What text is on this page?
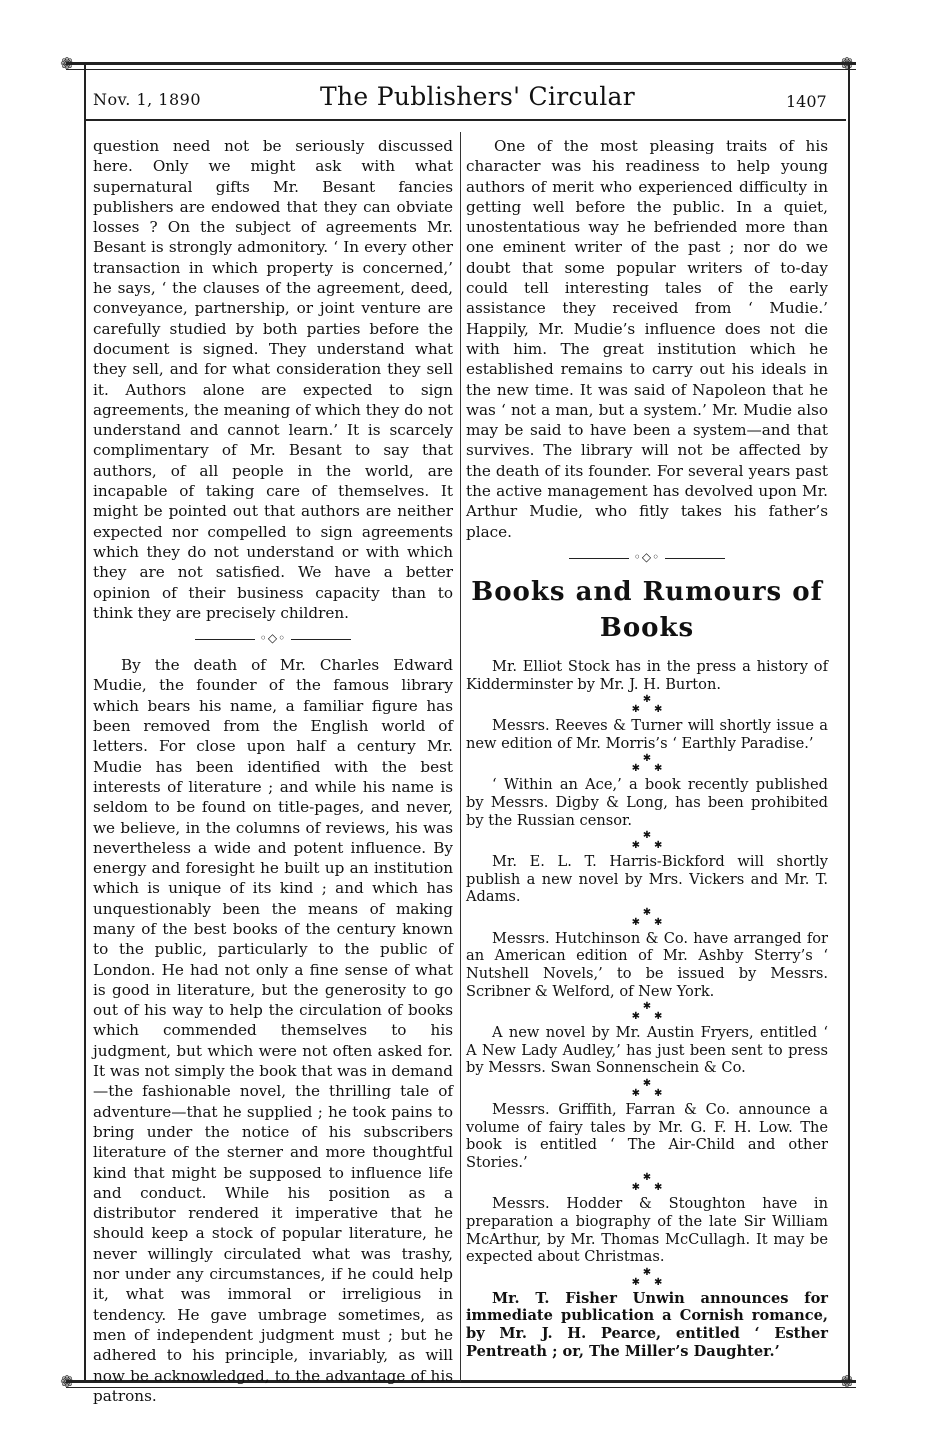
❁	❁
❁	❁
Nov. 1, 1890	The Publishers' Circular	1407

question need not be seriously discussed here. Only we might ask with what supernatural gifts Mr. Besant fancies publishers are endowed that they can obviate losses ? On the subject of agreements Mr. Besant is strongly admonitory. ‘ In every other transaction in which property is concerned,’ he says, ‘ the clauses of the agreement, deed, conveyance, partnership, or joint venture are carefully studied by both parties before the document is signed. They understand what they sell, and for what consideration they sell it. Authors alone are expected to sign agreements, the meaning of which they do not understand and cannot learn.’ It is scarcely complimentary of Mr. Besant to say that authors, of all people in the world, are incapable of taking care of themselves. It might be pointed out that authors are neither expected nor compelled to sign agreements which they do not understand or with which they are not satisfied. We have a better opinion of their business capacity than to think they are precisely children.

◦◇◦

By the death of Mr. Charles Edward Mudie, the founder of the famous library which bears his name, a familiar figure has been removed from the English world of letters. For close upon half a century Mr. Mudie has been identified with the best interests of literature ; and while his name is seldom to be found on title-pages, and never, we believe, in the columns of reviews, his was nevertheless a wide and potent influence. By energy and foresight he built up an institution which is unique of its kind ; and which has unquestionably been the means of making many of the best books of the century known to the public, particularly to the public of London. He had not only a fine sense of what is good in literature, but the generosity to go out of his way to help the circulation of books which commended themselves to his judgment, but which were not often asked for. It was not simply the book that was in demand—the fashionable novel, the thrilling tale of adventure—that he supplied ; he took pains to bring under the notice of his subscribers literature of the sterner and more thoughtful kind that might be supposed to influence life and conduct. While his position as a distributor rendered it imperative that he should keep a stock of popular literature, he never willingly circulated what was trashy, nor under any circumstances, if he could help it, what was immoral or irreligious in tendency. He gave umbrage sometimes, as men of independent judgment must ; but he adhered to his principle, invariably, as will now be acknowledged, to the advantage of his patrons.

One of the most pleasing traits of his character was his readiness to help young authors of merit who experienced difficulty in getting well before the public. In a quiet, unostentatious way he befriended more than one eminent writer of the past ; nor do we doubt that some popular writers of to-day could tell interesting tales of the early assistance they received from ‘ Mudie.’ Happily, Mr. Mudie’s influence does not die with him. The great institution which he established remains to carry out his ideals in the new time. It was said of Napoleon that he was ‘ not a man, but a system.’ Mr. Mudie also may be said to have been a system—and that survives. The library will not be affected by the death of its founder. For several years past the active management has devolved upon Mr. Arthur Mudie, who fitly takes his father’s place.

◦◇◦
Books and Rumours of
Books

Mr. Elliot Stock has in the press a history of Kidderminster by Mr. J. H. Burton.

✱
✱✱

Messrs. Reeves & Turner will shortly issue a new edition of Mr. Morris’s ‘ Earthly Paradise.’

✱
✱✱

‘ Within an Ace,’ a book recently published by Messrs. Digby & Long, has been prohibited by the Russian censor.

✱
✱✱

Mr. E. L. T. Harris-Bickford will shortly publish a new novel by Mrs. Vickers and Mr. T. Adams.

✱
✱✱

Messrs. Hutchinson & Co. have arranged for an American edition of Mr. Ashby Sterry’s ‘ Nutshell Novels,’ to be issued by Messrs. Scribner & Welford, of New York.

✱
✱✱

A new novel by Mr. Austin Fryers, entitled ‘ A New Lady Audley,’ has just been sent to press by Messrs. Swan Sonnenschein & Co.

✱
✱✱

Messrs. Griffith, Farran & Co. announce a volume of fairy tales by Mr. G. F. H. Low. The book is entitled ‘ The Air-Child and other Stories.’

✱
✱✱

Messrs. Hodder & Stoughton have in preparation a biography of the late Sir William McArthur, by Mr. Thomas McCullagh. It may be expected about Christmas.

✱
✱✱

Mr. T. Fisher Unwin announces for immediate publication a Cornish romance, by Mr. J. H. Pearce, entitled ‘ Esther Pentreath ; or, The Miller’s Daughter.’
